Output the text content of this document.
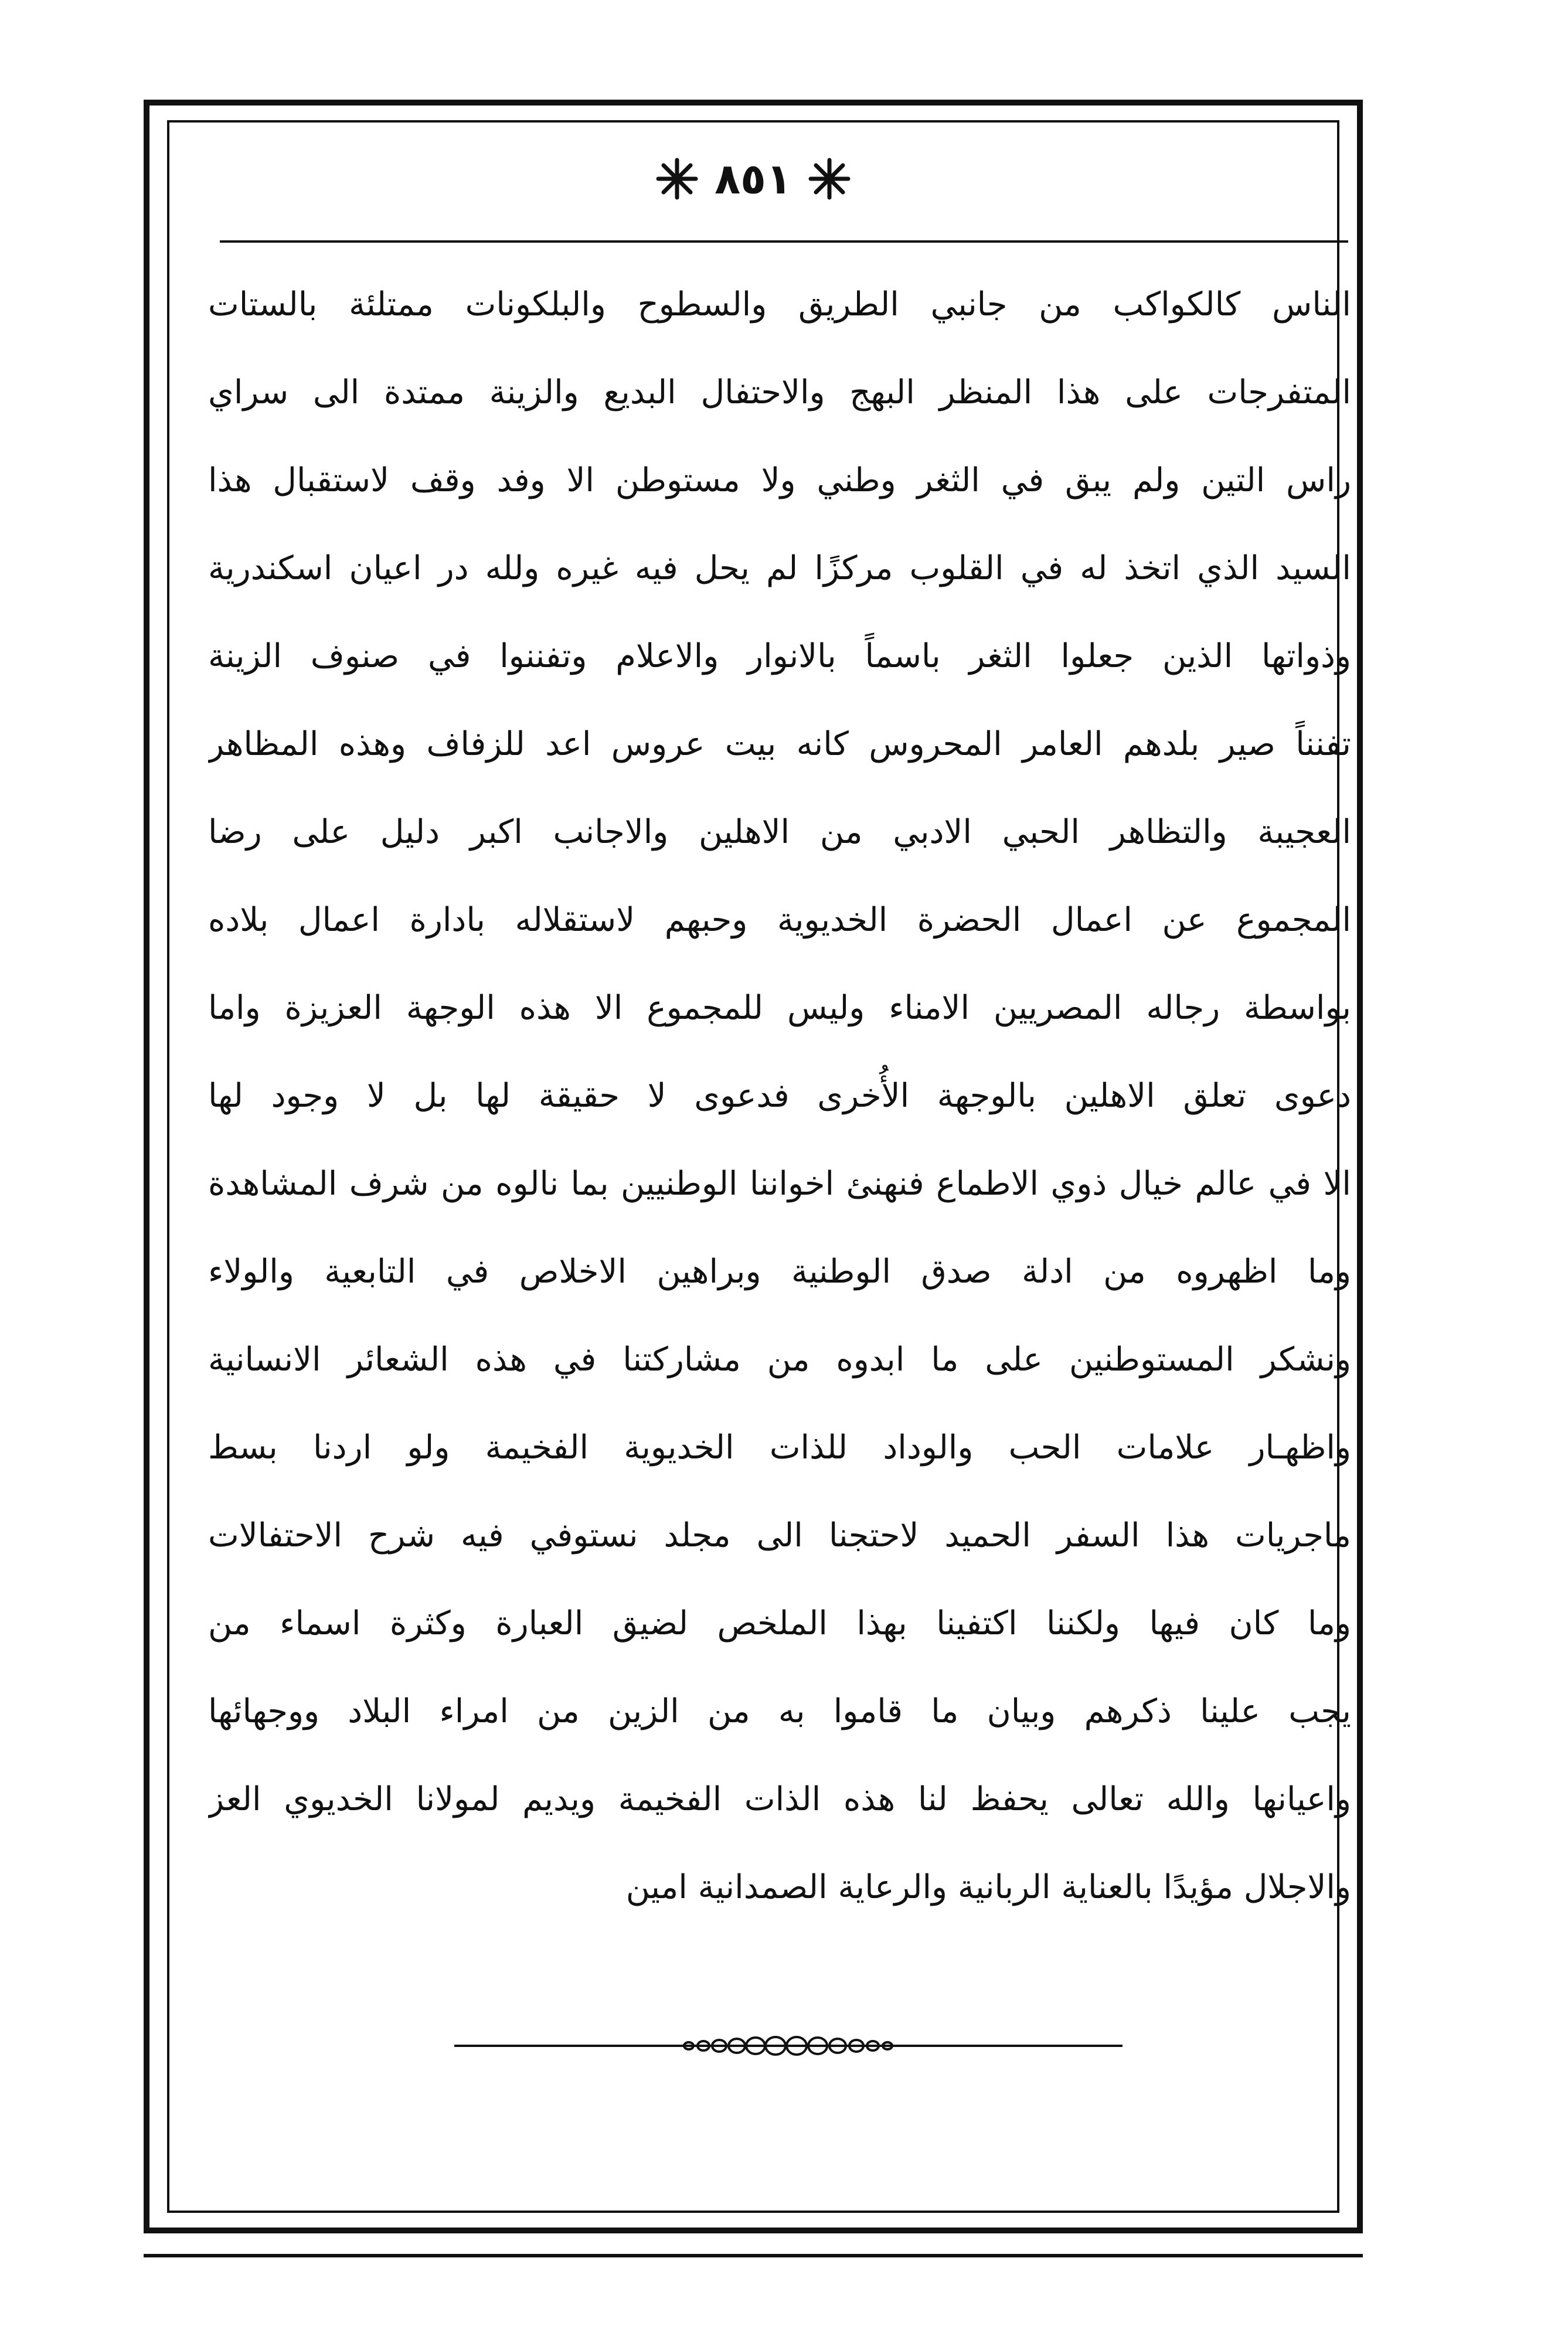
٨٥١
الناس كالكواكب من جانبي الطريق والسطوح والبلكونات ممتلئة بالستات
المتفرجات على هذا المنظر البهج والاحتفال البديع والزينة ممتدة الى سراي
راس التين ولم يبق في الثغر وطني ولا مستوطن الا وفد وقف لاستقبال هذا
السيد الذي اتخذ له في القلوب مركزًا لم يحل فيه غيره ولله در اعيان اسكندرية
وذواتها الذين جعلوا الثغر باسماً بالانوار والاعلام وتفننوا في صنوف الزينة
تفنناً صير بلدهم العامر المحروس كانه بيت عروس اعد للزفاف وهذه المظاهر
العجيبة والتظاهر الحبي الادبي من الاهلين والاجانب اكبر دليل على رضا
المجموع عن اعمال الحضرة الخديوية وحبهم لاستقلاله بادارة اعمال بلاده
بواسطة رجاله المصريين الامناء وليس للمجموع الا هذه الوجهة العزيزة واما
دعوى تعلق الاهلين بالوجهة الأُخرى فدعوى لا حقيقة لها بل لا وجود لها
الا في عالم خيال ذوي الاطماع فنهنئ اخواننا الوطنيين بما نالوه من شرف المشاهدة
وما اظهروه من ادلة صدق الوطنية وبراهين الاخلاص في التابعية والولاء
ونشكر المستوطنين على ما ابدوه من مشاركتنا في هذه الشعائر الانسانية
واظهـار علامات الحب والوداد للذات الخديوية الفخيمة ولو اردنا بسط
ماجريات هذا السفر الحميد لاحتجنا الى مجلد نستوفي فيه شرح الاحتفالات
وما كان فيها ولكننا اكتفينا بهذا الملخص لضيق العبارة وكثرة اسماء من
يجب علينا ذكرهم وبيان ما قاموا به من الزين من امراء البلاد ووجهائها
واعيانها والله تعالى يحفظ لنا هذه الذات الفخيمة ويديم لمولانا الخديوي العز
والاجلال مؤيدًا بالعناية الربانية والرعاية الصمدانية امين
